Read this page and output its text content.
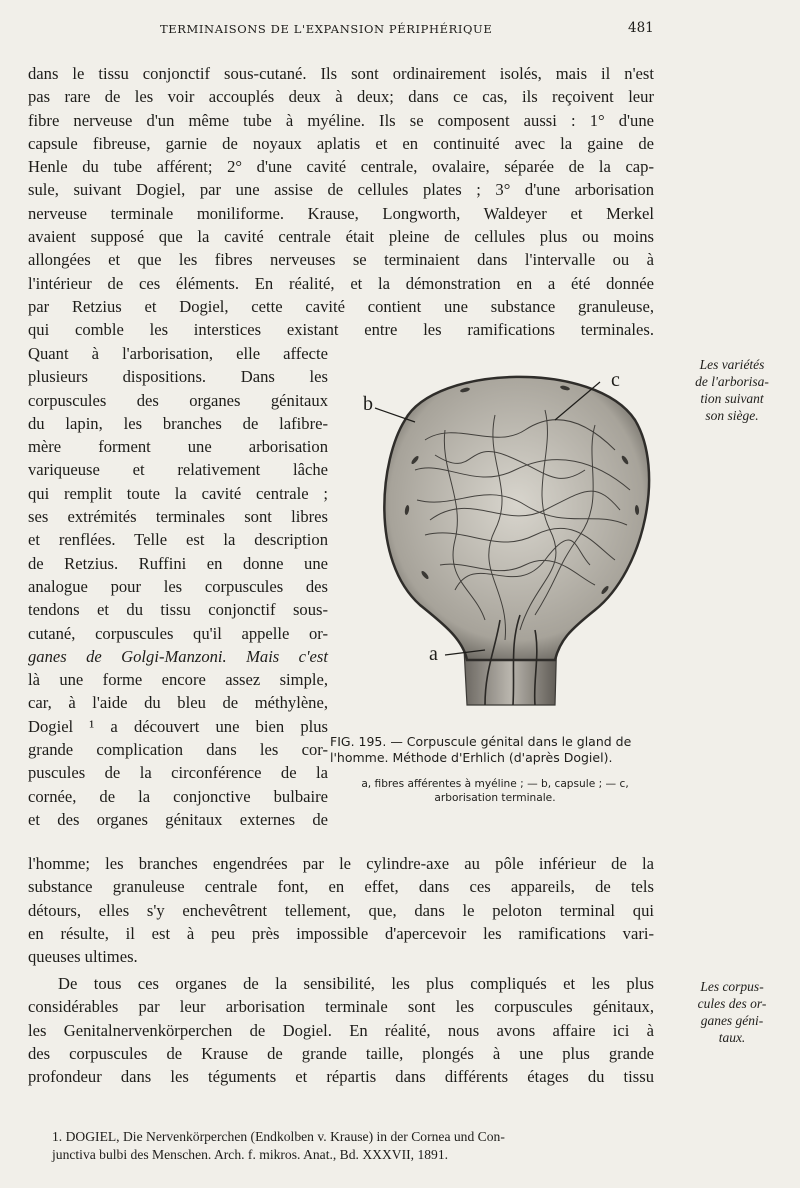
TERMINAISONS DE L'EXPANSION PÉRIPHÉRIQUE	481
dans le tissu conjonctif sous-cutané. Ils sont ordinairement isolés, mais il n'est
pas rare de les voir accouplés deux à deux; dans ce cas, ils reçoivent leur
fibre nerveuse d'un même tube à myéline. Ils se composent aussi : 1° d'une
capsule fibreuse, garnie de noyaux aplatis et en continuité avec la gaine de
Henle du tube afférent; 2° d'une cavité centrale, ovalaire, séparée de la cap-
sule, suivant Dogiel, par une assise de cellules plates ; 3° d'une arborisation
nerveuse terminale moniliforme. Krause, Longworth, Waldeyer et Merkel
avaient supposé que la cavité centrale était pleine de cellules plus ou moins
allongées et que les fibres nerveuses se terminaient dans l'intervalle ou à
l'intérieur de ces éléments. En réalité, et la démonstration en a été donnée
par Retzius et Dogiel, cette cavité contient une substance granuleuse,
qui comble les interstices existant entre les ramifications terminales.
Quant à l'arborisation, elle affecte
plusieurs dispositions. Dans les
corpuscules des organes génitaux
du lapin, les branches de lafibre-
mère forment une arborisation
variqueuse et relativement lâche
qui remplit toute la cavité centrale ;
ses extrémités terminales sont libres
et renflées. Telle est la description
de Retzius. Ruffini en donne une
analogue pour les corpuscules des
tendons et du tissu conjonctif sous-
cutané, corpuscules qu'il appelle or-
ganes de Golgi-Manzoni. Mais c'est
là une forme encore assez simple,
car, à l'aide du bleu de méthylène,
Dogiel ¹ a découvert une bien plus
grande complication dans les cor-
puscules de la circonférence de la
cornée, de la conjonctive bulbaire
et des organes génitaux externes de
l'homme; les branches engendrées par le cylindre-axe au pôle inférieur de la
substance granuleuse centrale font, en effet, dans ces appareils, de tels
détours, elles s'y enchevêtrent tellement, que, dans le peloton terminal qui
en résulte, il est à peu près impossible d'apercevoir les ramifications vari-
queuses ultimes.
De tous ces organes de la sensibilité, les plus compliqués et les plus
considérables par leur arborisation terminale sont les corpuscules génitaux,
les Genitalnervenkörperchen de Dogiel. En réalité, nous avons affaire ici à
des corpuscules de Krause de grande taille, plongés à une plus grande
profondeur dans les téguments et répartis dans différents étages du tissu
Les variétés
de l'arborisa-
tion suivant
son siège.
Les corpus-
cules des or-
ganes géni-
taux.
b
c
a
FIG. 195. — Corpuscule génital dans le gland de l'homme. Méthode d'Erhlich (d'après Dogiel).
a, fibres afférentes à myéline ; — b, capsule ; — c, arborisation terminale.
1. DOGIEL, Die Nervenkörperchen (Endkolben v. Krause) in der Cornea und Con-
junctiva bulbi des Menschen. Arch. f. mikros. Anat., Bd. XXXVII, 1891.
